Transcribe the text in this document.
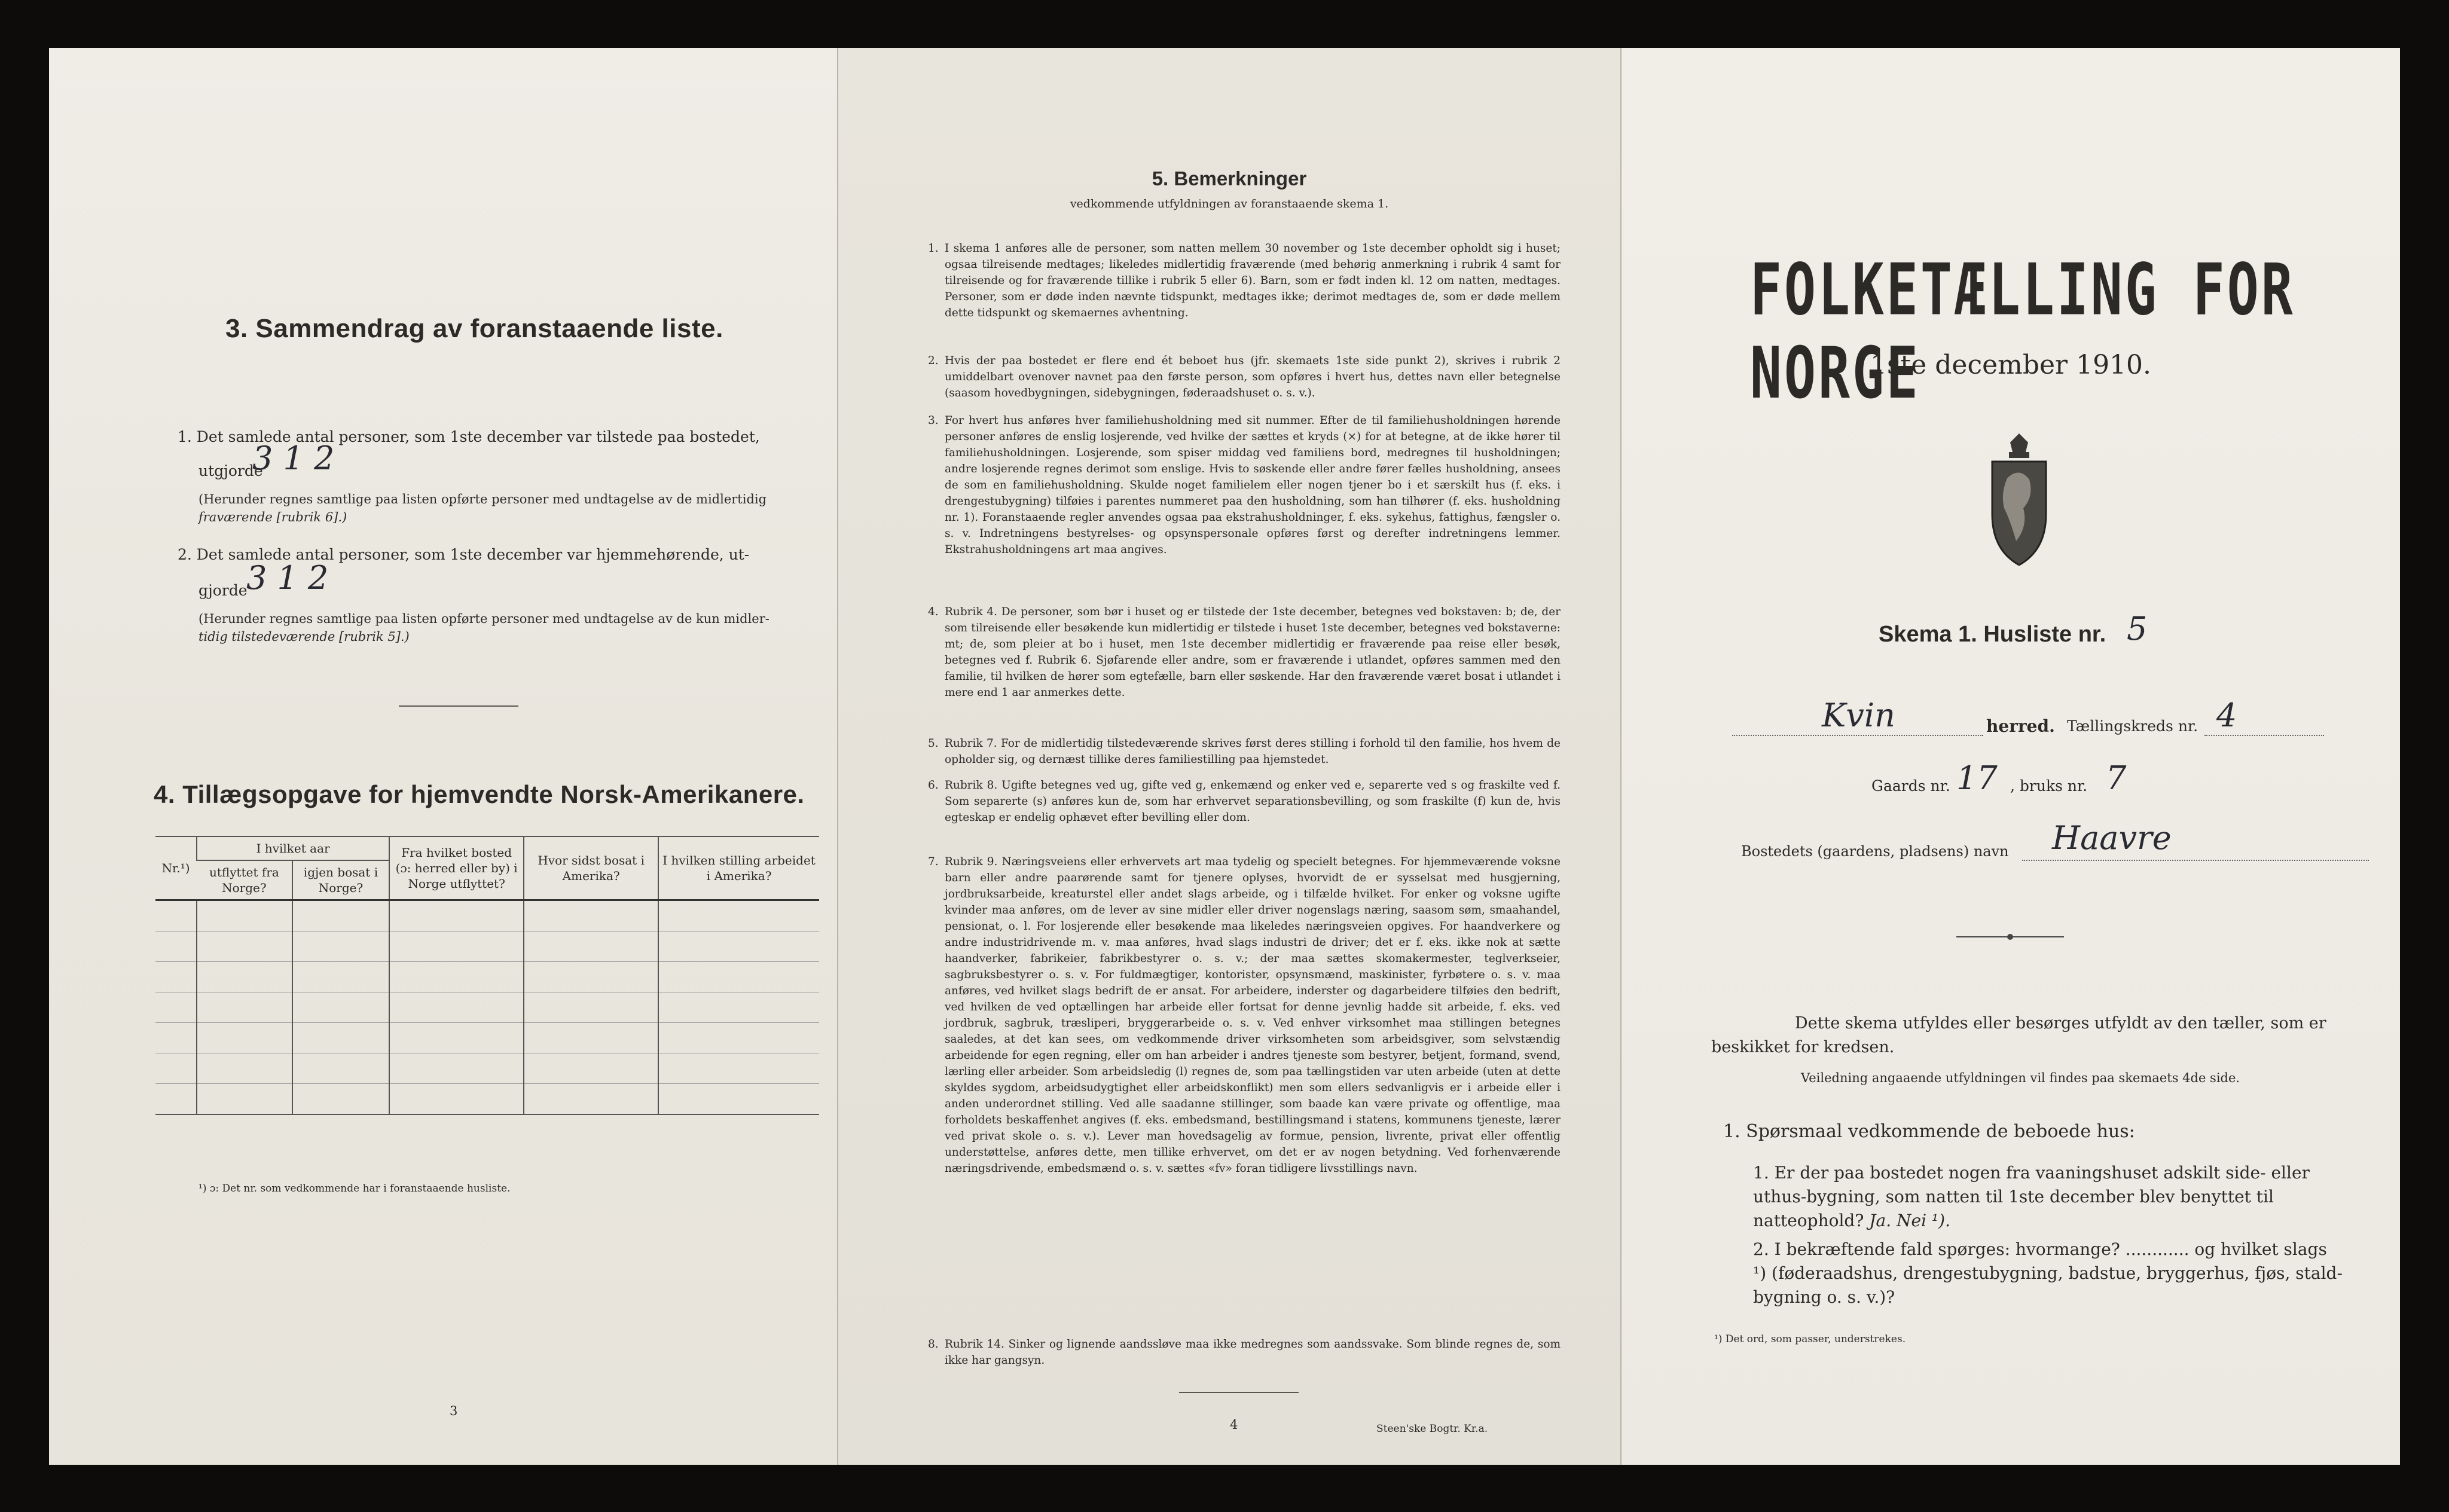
3. Sammendrag av foranstaaende liste.
1. Det samlede antal personer, som 1ste december var tilstede paa bostedet,
utgjorde
3 1 2
(Herunder regnes samtlige paa listen opførte personer med undtagelse av de midlertidig
fraværende [rubrik 6].)
2. Det samlede antal personer, som 1ste december var hjemmehørende, ut-
gjorde
3 1 2
(Herunder regnes samtlige paa listen opførte personer med undtagelse av de kun midler-
tidig tilstedeværende [rubrik 5].)
4. Tillægsopgave for hjemvendte Norsk-Amerikanere.
Nr.¹)	I hvilket aar		Fra hvilket bosted (ɔ: herred eller by) i Norge utflyttet?	Hvor sidst bosat i Amerika?	I hvilken stilling arbeidet i Amerika?
	utflyttet fra Norge?	igjen bosat i Norge?			

¹) ɔ: Det nr. som vedkommende har i foranstaaende husliste.
3
5. Bemerkninger
vedkommende utfyldningen av foranstaaende skema 1.
1. I skema 1 anføres alle de personer, som natten mellem 30 november og 1ste december opholdt sig i huset; ogsaa tilreisende medtages; likeledes midlertidig fraværende (med behørig anmerkning i rubrik 4 samt for tilreisende og for fraværende tillike i rubrik 5 eller 6). Barn, som er født inden kl. 12 om natten, medtages. Personer, som er døde inden nævnte tidspunkt, medtages ikke; derimot medtages de, som er døde mellem dette tidspunkt og skemaernes avhentning.
2. Hvis der paa bostedet er flere end ét beboet hus (jfr. skemaets 1ste side punkt 2), skrives i rubrik 2 umiddelbart ovenover navnet paa den første person, som opføres i hvert hus, dettes navn eller betegnelse (saasom hovedbygningen, sidebygningen, føderaadshuset o. s. v.).
3. For hvert hus anføres hver familiehusholdning med sit nummer. Efter de til familiehusholdningen hørende personer anføres de enslig losjerende, ved hvilke der sættes et kryds (×) for at betegne, at de ikke hører til familiehusholdningen. Losjerende, som spiser middag ved familiens bord, medregnes til husholdningen; andre losjerende regnes derimot som enslige. Hvis to søskende eller andre fører fælles husholdning, ansees de som en familiehusholdning. Skulde noget familielem eller nogen tjener bo i et særskilt hus (f. eks. i drengestubygning) tilføies i parentes nummeret paa den husholdning, som han tilhører (f. eks. husholdning nr. 1). Foranstaaende regler anvendes ogsaa paa ekstrahusholdninger, f. eks. sykehus, fattighus, fængsler o. s. v. Indretningens bestyrelses- og opsynspersonale opføres først og derefter indretningens lemmer. Ekstrahusholdningens art maa angives.
4. Rubrik 4. De personer, som bør i huset og er tilstede der 1ste december, betegnes ved bokstaven: b; de, der som tilreisende eller besøkende kun midlertidig er tilstede i huset 1ste december, betegnes ved bokstaverne: mt; de, som pleier at bo i huset, men 1ste december midlertidig er fraværende paa reise eller besøk, betegnes ved f. Rubrik 6. Sjøfarende eller andre, som er fraværende i utlandet, opføres sammen med den familie, til hvilken de hører som egtefælle, barn eller søskende. Har den fraværende været bosat i utlandet i mere end 1 aar anmerkes dette.
5. Rubrik 7. For de midlertidig tilstedeværende skrives først deres stilling i forhold til den familie, hos hvem de opholder sig, og dernæst tillike deres familiestilling paa hjemstedet.
6. Rubrik 8. Ugifte betegnes ved ug, gifte ved g, enkemænd og enker ved e, separerte ved s og fraskilte ved f. Som separerte (s) anføres kun de, som har erhvervet separationsbevilling, og som fraskilte (f) kun de, hvis egteskap er endelig ophævet efter bevilling eller dom.
7. Rubrik 9. Næringsveiens eller erhvervets art maa tydelig og specielt betegnes. For hjemmeværende voksne barn eller andre paarørende samt for tjenere oplyses, hvorvidt de er sysselsat med husgjerning, jordbruksarbeide, kreaturstel eller andet slags arbeide, og i tilfælde hvilket. For enker og voksne ugifte kvinder maa anføres, om de lever av sine midler eller driver nogenslags næring, saasom søm, smaahandel, pensionat, o. l. For losjerende eller besøkende maa likeledes næringsveien opgives. For haandverkere og andre industridrivende m. v. maa anføres, hvad slags industri de driver; det er f. eks. ikke nok at sætte haandverker, fabrikeier, fabrikbestyrer o. s. v.; der maa sættes skomakermester, teglverkseier, sagbruksbestyrer o. s. v. For fuldmægtiger, kontorister, opsynsmænd, maskinister, fyrbøtere o. s. v. maa anføres, ved hvilket slags bedrift de er ansat. For arbeidere, inderster og dagarbeidere tilføies den bedrift, ved hvilken de ved optællingen har arbeide eller fortsat for denne jevnlig hadde sit arbeide, f. eks. ved jordbruk, sagbruk, træsliperi, bryggerarbeide o. s. v. Ved enhver virksomhet maa stillingen betegnes saaledes, at det kan sees, om vedkommende driver virksomheten som arbeidsgiver, som selvstændig arbeidende for egen regning, eller om han arbeider i andres tjeneste som bestyrer, betjent, formand, svend, lærling eller arbeider. Som arbeidsledig (l) regnes de, som paa tællingstiden var uten arbeide (uten at dette skyldes sygdom, arbeidsudygtighet eller arbeidskonflikt) men som ellers sedvanligvis er i arbeide eller i anden underordnet stilling. Ved alle saadanne stillinger, som baade kan være private og offentlige, maa forholdets beskaffenhet angives (f. eks. embedsmand, bestillingsmand i statens, kommunens tjeneste, lærer ved privat skole o. s. v.). Lever man hovedsagelig av formue, pension, livrente, privat eller offentlig understøttelse, anføres dette, men tillike erhvervet, om det er av nogen betydning. Ved forhenværende næringsdrivende, embedsmænd o. s. v. sættes «fv» foran tidligere livsstillings navn.
8. Rubrik 14. Sinker og lignende aandssløve maa ikke medregnes som aandssvake. Som blinde regnes de, som ikke har gangsyn.
4	Steen'ske Bogtr. Kr.a.
FOLKETÆLLING FOR NORGE
1ste december 1910.
Skema 1. Husliste nr. 5
Kvin	herred. Tællingskreds nr. 4
Gaards nr. 17 , bruks nr. 7
Bostedets (gaardens, pladsens) navn Haavre
Dette skema utfyldes eller besørges utfyldt av den tæller, som er beskikket for kredsen.
Veiledning angaaende utfyldningen vil findes paa skemaets 4de side.
1. Spørsmaal vedkommende de beboede hus:
1. Er der paa bostedet nogen fra vaaningshuset adskilt side- eller uthus-bygning, som natten til 1ste december blev benyttet til natteophold? Ja. Nei ¹).
2. I bekræftende fald spørges: hvormange? ............ og hvilket slags ¹) (føderaadshus, drengestubygning, badstue, bryggerhus, fjøs, stald-bygning o. s. v.)?
¹) Det ord, som passer, understrekes.
